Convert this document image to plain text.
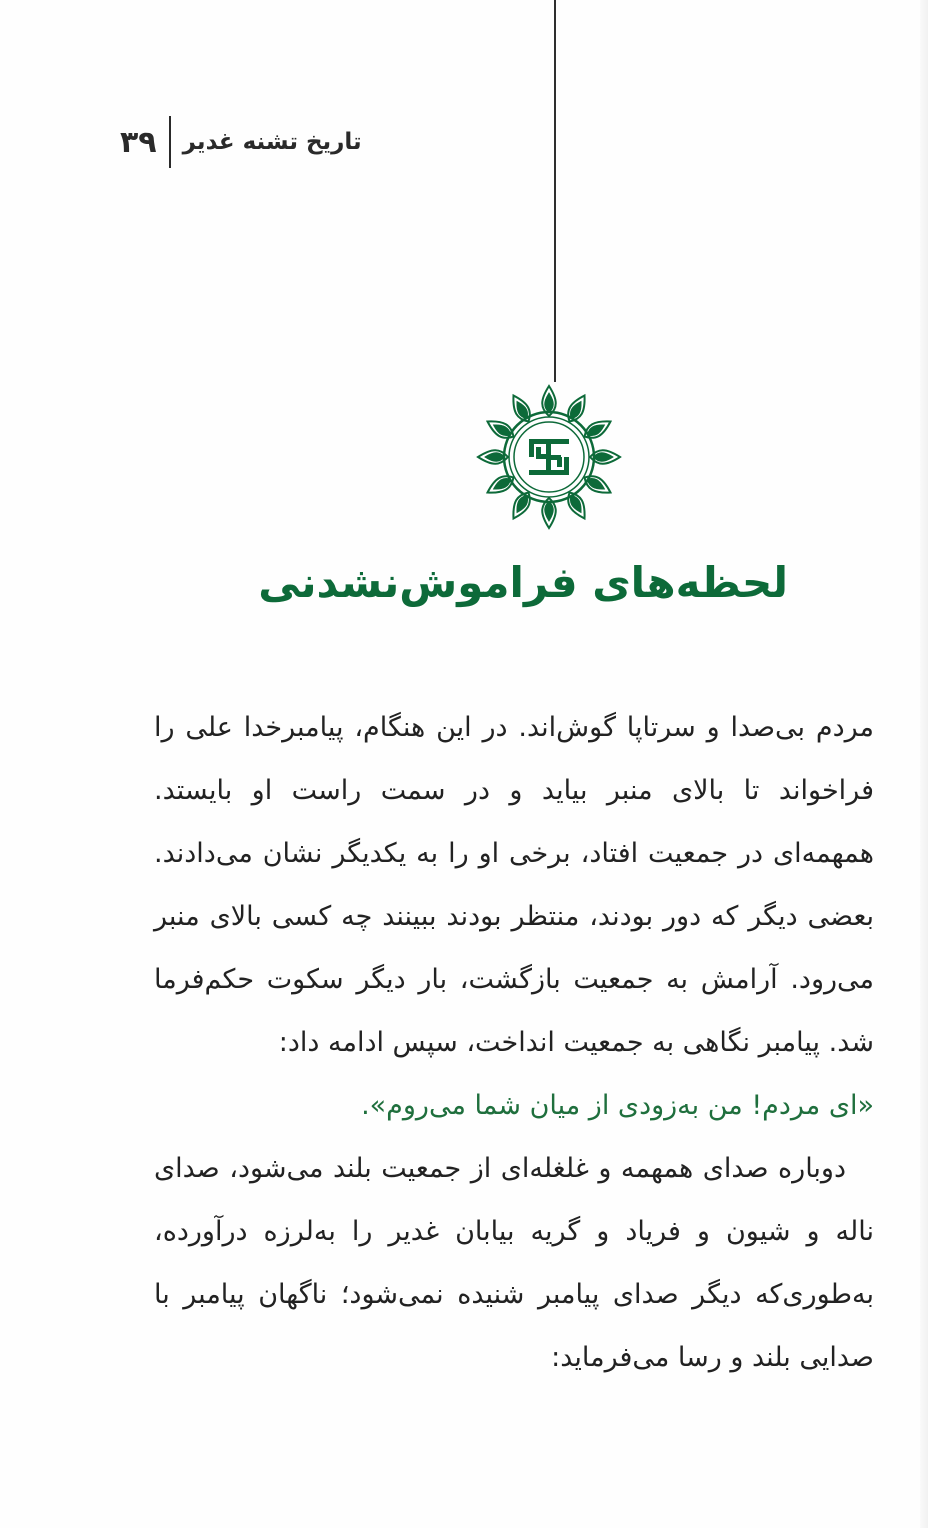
۳۹	تاریخ تشنه غدیر
لحظه‌های فراموش‌نشدنی

مردم بی‌صدا و سرتاپا گوش‌اند. در این هنگام، پیامبرخدا علی را فراخواند تا بالای منبر بیاید و در سمت راست او بایستد. همهمه‌ای در جمعیت افتاد، برخی او را به یکدیگر نشان می‌دادند. بعضی دیگر که دور بودند، منتظر بودند ببینند چه کسی بالای منبر می‌رود. آرامش به جمعیت بازگشت، بار دیگر سکوت حکم‌فرما شد. پیامبر نگاهی به جمعیت انداخت، سپس ادامه داد:

«ای مردم! من به‌زودی از میان شما می‌روم».

دوباره صدای همهمه و غلغله‌ای از جمعیت بلند می‌شود، صدای ناله و شیون و فریاد و گریه بیابان غدیر را به‌لرزه درآورده، به‌طوری‌که دیگر صدای پیامبر شنیده نمی‌شود؛ ناگهان پیامبر با صدایی بلند و رسا می‌فرماید:
